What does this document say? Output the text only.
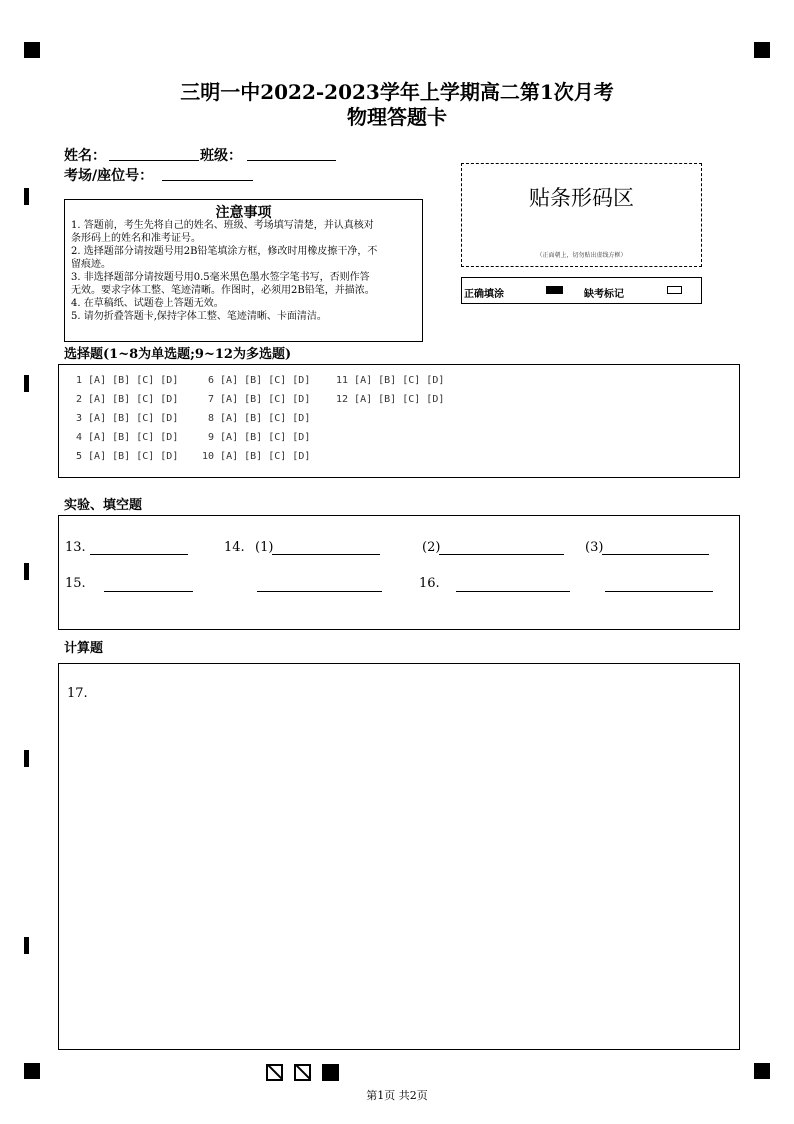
三明一中2022-2023学年上学期高二第1次月考
物理答题卡
姓名：	班级：
考场/座位号：
注意事项
1. 答题前，考生先将自己的姓名、班级、考场填写清楚，并认真核对
条形码上的姓名和准考证号。
2. 选择题部分请按题号用2B铅笔填涂方框，修改时用橡皮擦干净，不
留痕迹。
3. 非选择题部分请按题号用0.5毫米黑色墨水签字笔书写，否则作答
无效。要求字体工整、笔迹清晰。作图时，必须用2B铅笔，并描浓。
4. 在草稿纸、试题卷上答题无效。
5. 请勿折叠答题卡,保持字体工整、笔迹清晰、卡面清洁。
贴条形码区
（正面朝上，切勿贴出虚线方框）
正确填涂	缺考标记
选择题(1~8为单选题;9~12为多选题)
1 [A] [B] [C] [D]	6 [A] [B] [C] [D]	11 [A] [B] [C] [D]
2 [A] [B] [C] [D]	7 [A] [B] [C] [D]	12 [A] [B] [C] [D]
3 [A] [B] [C] [D]	8 [A] [B] [C] [D]
4 [A] [B] [C] [D]	9 [A] [B] [C] [D]
5 [A] [B] [C] [D] 10 [A] [B] [C] [D]
实验、填空题
13.	14. (1)	(2)	(3)
15.	16.
计算题
17.
第1页 共2页
